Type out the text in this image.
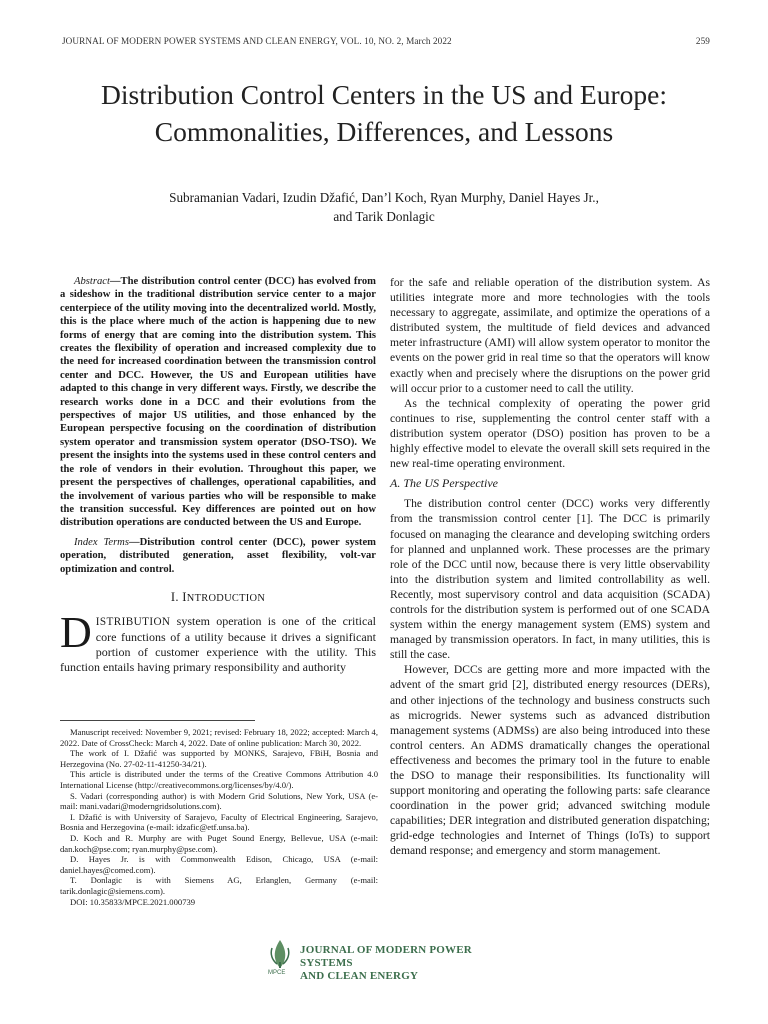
JOURNAL OF MODERN POWER SYSTEMS AND CLEAN ENERGY, VOL. 10, NO. 2, March 2022	259
Distribution Control Centers in the US and Europe: Commonalities, Differences, and Lessons
Subramanian Vadari, Izudin Džafić, Dan’l Koch, Ryan Murphy, Daniel Hayes Jr.,
and Tarik Donlagic

Abstract—The distribution control center (DCC) has evolved from a sideshow in the traditional distribution service center to a major centerpiece of the utility moving into the decentralized world. Mostly, this is the place where much of the action is happening due to new forms of energy that are coming into the distribution system. This creates the flexibility of operation and increased complexity due to the need for increased coordination between the transmission control center and DCC. However, the US and European utilities have adapted to this change in very different ways. Firstly, we describe the research works done in a DCC and their evolutions from the perspectives of major US utilities, and those enhanced by the European perspective focusing on the coordination of distribution system operator and transmission system operator (DSO-TSO). We present the insights into the systems used in these control centers and the role of vendors in their evolution. Throughout this paper, we present the perspectives of challenges, operational capabilities, and the involvement of various parties who will be responsible to make the transition successful. Key differences are pointed out on how distribution operations are conducted between the US and Europe.

Index Terms—Distribution control center (DCC), power system operation, distributed generation, asset flexibility, volt-var optimization and control.

I. INTRODUCTION

DISTRIBUTION system operation is one of the critical core functions of a utility because it drives a significant portion of customer experience with the utility. This function entails having primary responsibility and authority

Manuscript received: November 9, 2021; revised: February 18, 2022; accepted: March 4, 2022. Date of CrossCheck: March 4, 2022. Date of online publication: March 30, 2022.

The work of I. Džafić was supported by MONKS, Sarajevo, FBiH, Bosnia and Herzegovina (No. 27-02-11-41250-34/21).

This article is distributed under the terms of the Creative Commons Attribution 4.0 International License (http://creativecommons.org/licenses/by/4.0/).

S. Vadari (corresponding author) is with Modern Grid Solutions, New York, USA (e-mail: mani.vadari@moderngridsolutions.com).

I. Džafić is with University of Sarajevo, Faculty of Electrical Engineering, Sarajevo, Bosnia and Herzegovina (e-mail: idzafic@etf.unsa.ba).

D. Koch and R. Murphy are with Puget Sound Energy, Bellevue, USA (e-mail: dan.koch@pse.com; ryan.murphy@pse.com).

D. Hayes Jr. is with Commonwealth Edison, Chicago, USA (e-mail: daniel.hayes@comed.com).

T. Donlagic is with Siemens AG, Erlanglen, Germany (e-mail: tarik.donlagic@siemens.com).

DOI: 10.35833/MPCE.2021.000739

for the safe and reliable operation of the distribution system. As utilities integrate more and more technologies with the tools necessary to aggregate, assimilate, and optimize the operations of a distributed system, the multitude of field devices and advanced meter infrastructure (AMI) will allow system operator to monitor the events on the power grid in real time so that the operators will know exactly when and precisely where the disruptions on the power grid will occur prior to a customer need to call the utility.

As the technical complexity of operating the power grid continues to rise, supplementing the control center staff with a distribution system operator (DSO) position has proven to be a highly effective model to elevate the overall skill sets required in the new real-time operating environment.

A. The US Perspective

The distribution control center (DCC) works very differently from the transmission control center [1]. The DCC is primarily focused on managing the clearance and developing switching orders for planned and unplanned work. These processes are the primary role of the DCC until now, because there is very little observability into the distribution system and limited controllability as well. Recently, most supervisory control and data acquisition (SCADA) controls for the distribution system is performed out of one SCADA system within the energy management system (EMS) system and managed by transmission operators. In fact, in many utilities, this is still the case.

However, DCCs are getting more and more impacted with the advent of the smart grid [2], distributed energy resources (DERs), and other injections of the technology and business constructs such as microgrids. Newer systems such as advanced distribution management systems (ADMSs) are also being introduced into these control centers. An ADMS dramatically changes the operational effectiveness and becomes the primary tool in the future to enable the DSO to manage their responsibilities. Its functionality will support monitoring and operating the following parts: safe clearance coordination in the power grid; advanced switching module capabilities; DER integration and distributed generation dispatching; grid-edge technologies and Internet of Things (IoTs) to support demand response; and emergency and storm management.

MPCE
JOURNAL OF MODERN POWER SYSTEMS
AND CLEAN ENERGY
